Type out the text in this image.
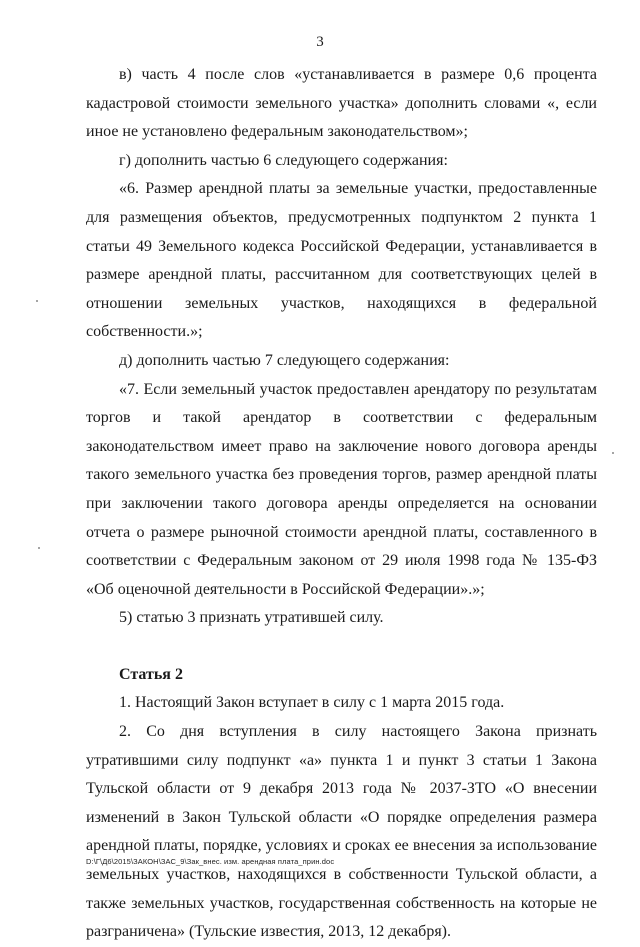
3

в) часть 4 после слов «устанавливается в размере 0,6 процента кадастровой стоимости земельного участка» дополнить словами «, если иное не установлено федеральным законодательством»;

г) дополнить частью 6 следующего содержания:

«6. Размер арендной платы за земельные участки, предоставленные для размещения объектов, предусмотренных подпунктом 2 пункта 1 статьи 49 Земельного кодекса Российской Федерации, устанавливается в размере арендной платы, рассчитанном для соответствующих целей в отношении земельных участков, находящихся в федеральной собственности.»;

д) дополнить частью 7 следующего содержания:

«7. Если земельный участок предоставлен арендатору по результатам торгов и такой арендатор в соответствии с федеральным законодательством имеет право на заключение нового договора аренды такого земельного участка без проведения торгов, размер арендной платы при заключении такого договора аренды определяется на основании отчета о размере рыночной стоимости арендной платы, составленного в соответствии с Федеральным законом от 29 июля 1998 года № 135-ФЗ «Об оценочной деятельности в Российской Федерации».»;

5) статью 3 признать утратившей силу.

Статья 2

1. Настоящий Закон вступает в силу с 1 марта 2015 года.

2. Со дня вступления в силу настоящего Закона признать утратившими силу подпункт «а» пункта 1 и пункт 3 статьи 1 Закона Тульской области от 9 декабря 2013 года № 2037-ЗТО «О внесении изменений в Закон Тульской области «О порядке определения размера арендной платы, порядке, условиях и сроках ее внесения за использование земельных участков, находящихся в собственности Тульской области, а также земельных участков, государственная собственность на которые не разграничена» (Тульские известия, 2013, 12 декабря).

D:\Г\Д6\2015\ЗАКОН\ЗАС_9\Зак_внес. изм. арендная плата_прин.doc
